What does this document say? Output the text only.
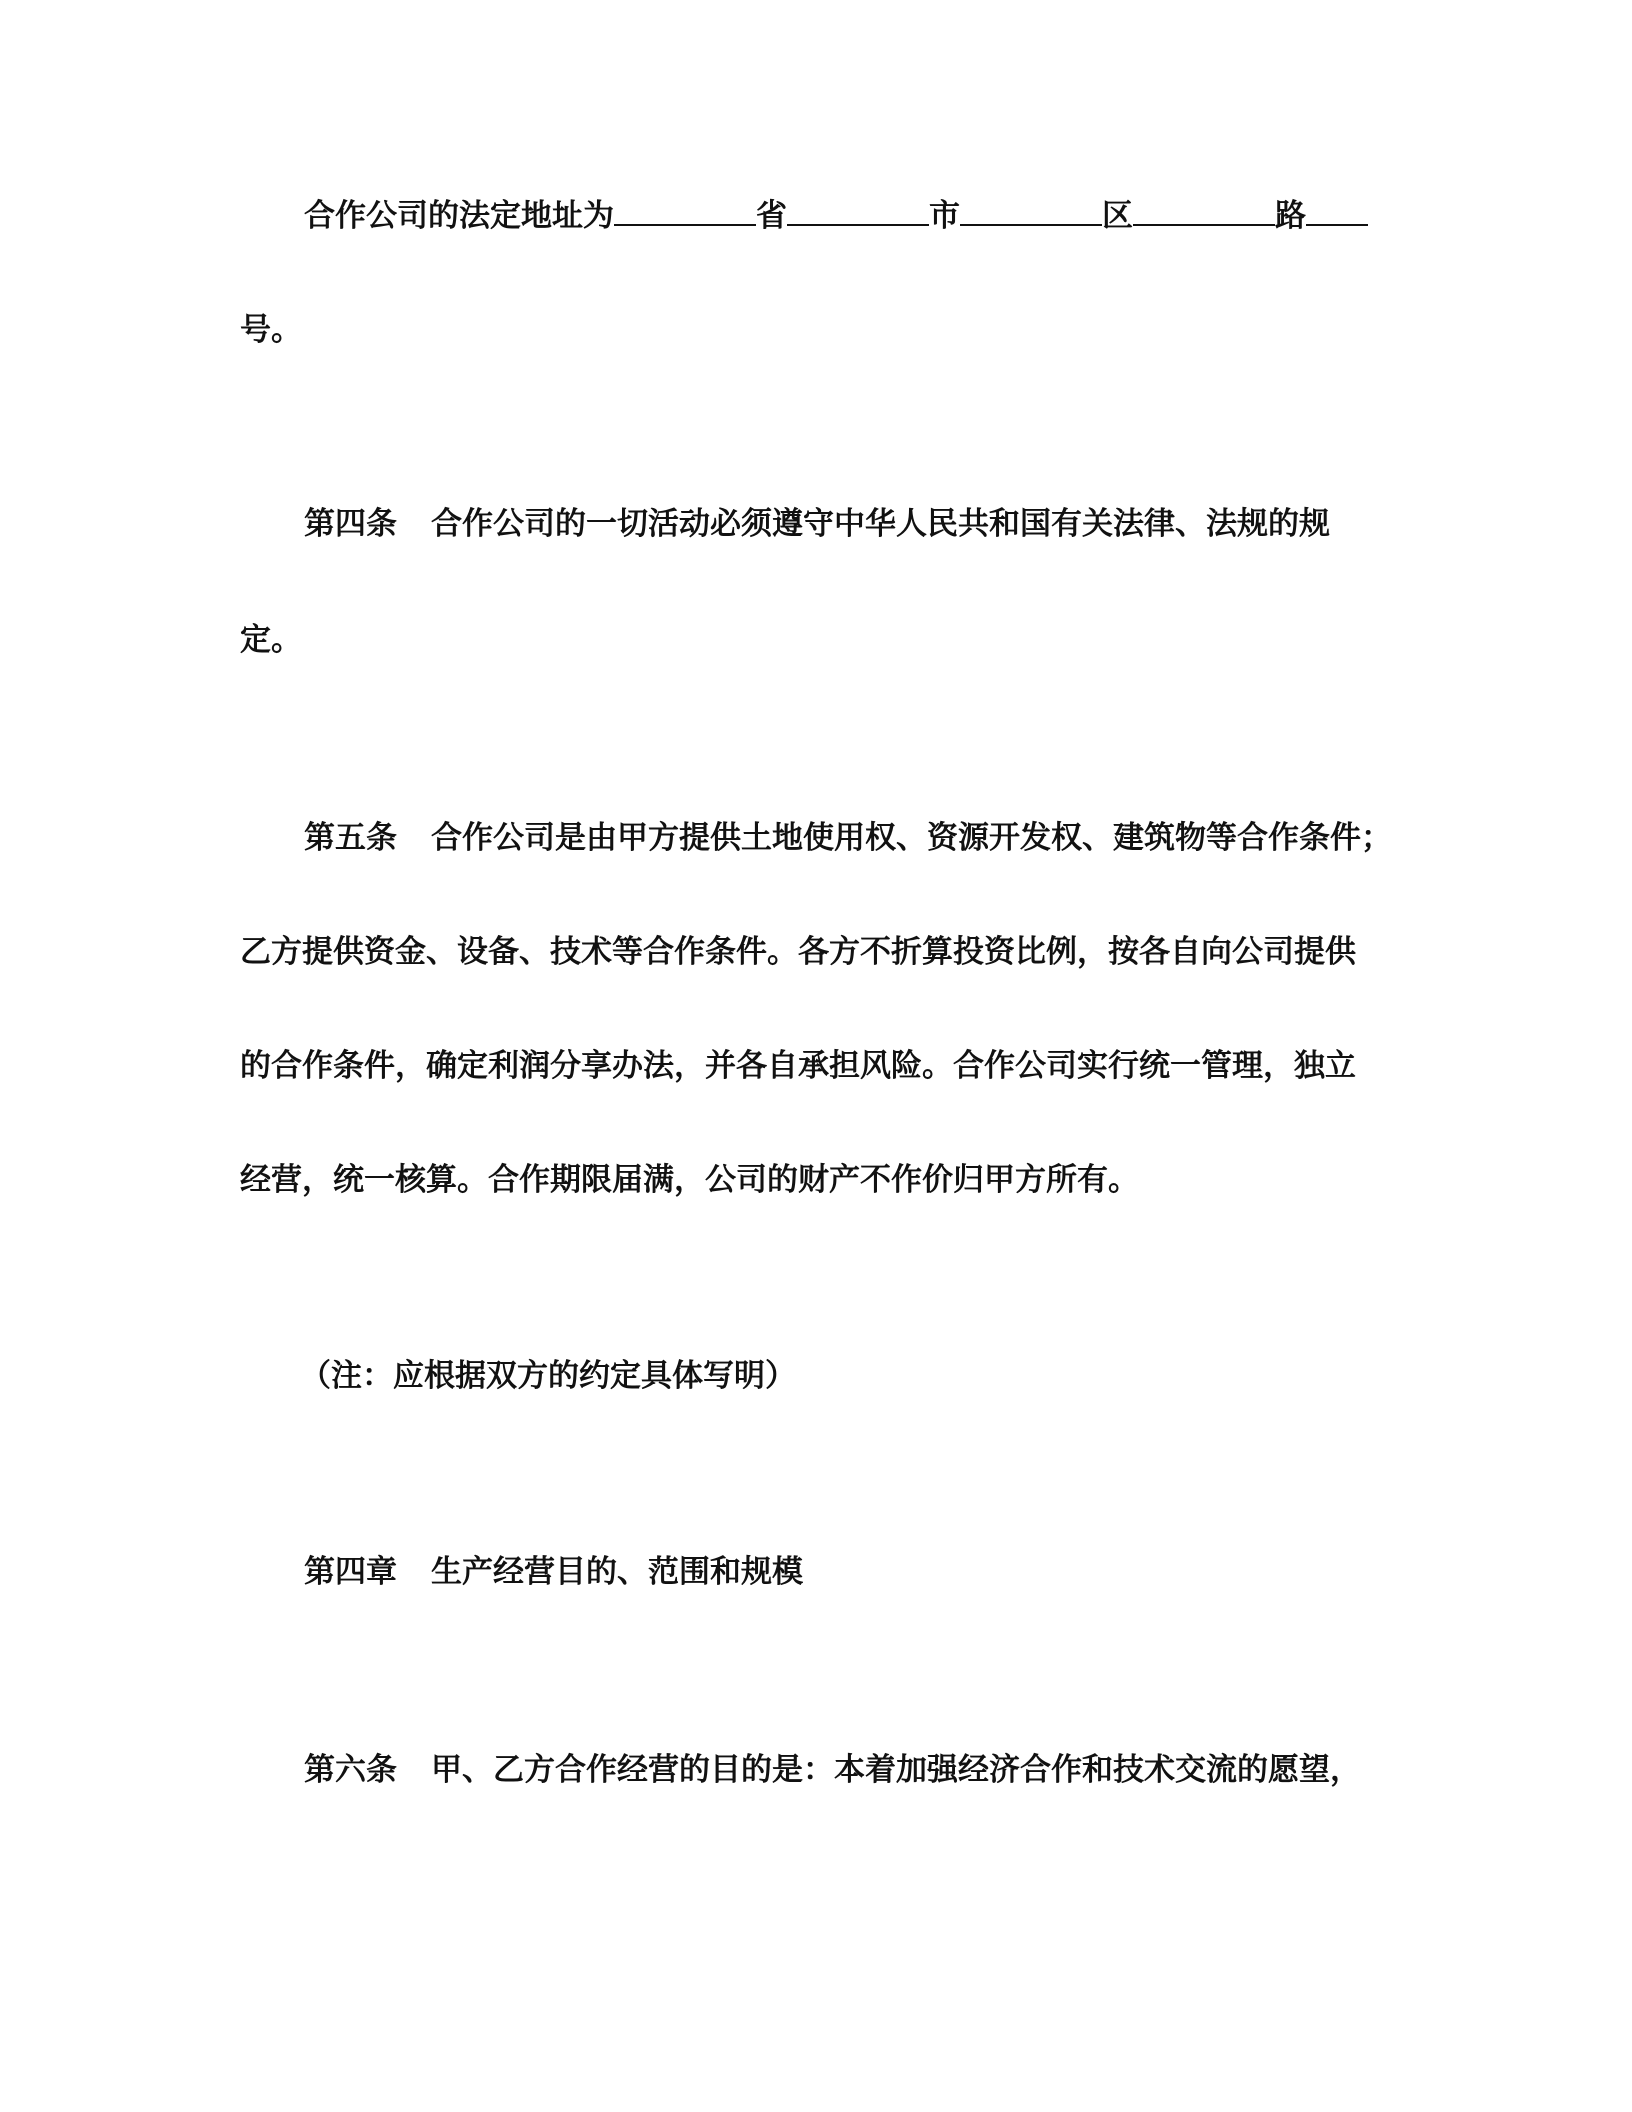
合作公司的法定地址为	省	市	区	路
号。
第四条 合作公司的一切活动必须遵守中华人民共和国有关法律、法规的规
定。
第五条 合作公司是由甲方提供土地使用权、资源开发权、建筑物等合作条件；
乙方提供资金、设备、技术等合作条件。各方不折算投资比例，按各自向公司提供
的合作条件，确定利润分享办法，并各自承担风险。合作公司实行统一管理，独立
经营，统一核算。合作期限届满，公司的财产不作价归甲方所有。
（注：应根据双方的约定具体写明）
第四章 生产经营目的、范围和规模
第六条 甲、乙方合作经营的目的是：本着加强经济合作和技术交流的愿望，
